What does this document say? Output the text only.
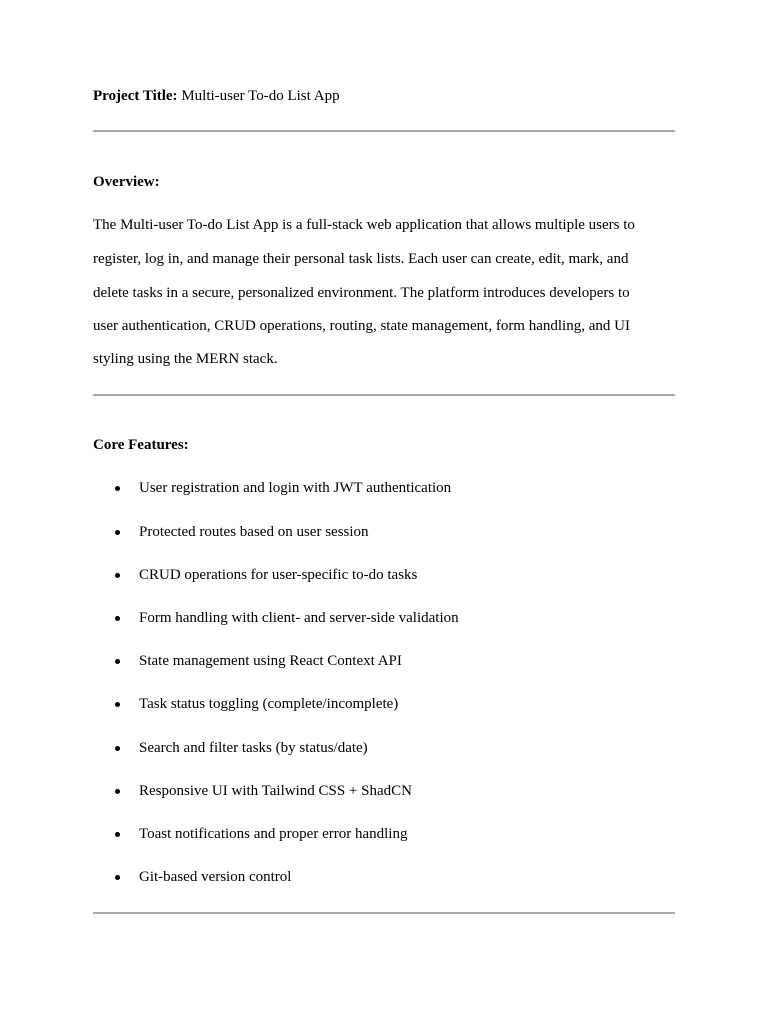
Project Title: Multi-user To-do List App
Overview:
The Multi-user To-do List App is a full-stack web application that allows multiple users to
register, log in, and manage their personal task lists. Each user can create, edit, mark, and
delete tasks in a secure, personalized environment. The platform introduces developers to
user authentication, CRUD operations, routing, state management, form handling, and UI
styling using the MERN stack.
Core Features:
User registration and login with JWT authentication
Protected routes based on user session
CRUD operations for user-specific to-do tasks
Form handling with client- and server-side validation
State management using React Context API
Task status toggling (complete/incomplete)
Search and filter tasks (by status/date)
Responsive UI with Tailwind CSS + ShadCN
Toast notifications and proper error handling
Git-based version control
